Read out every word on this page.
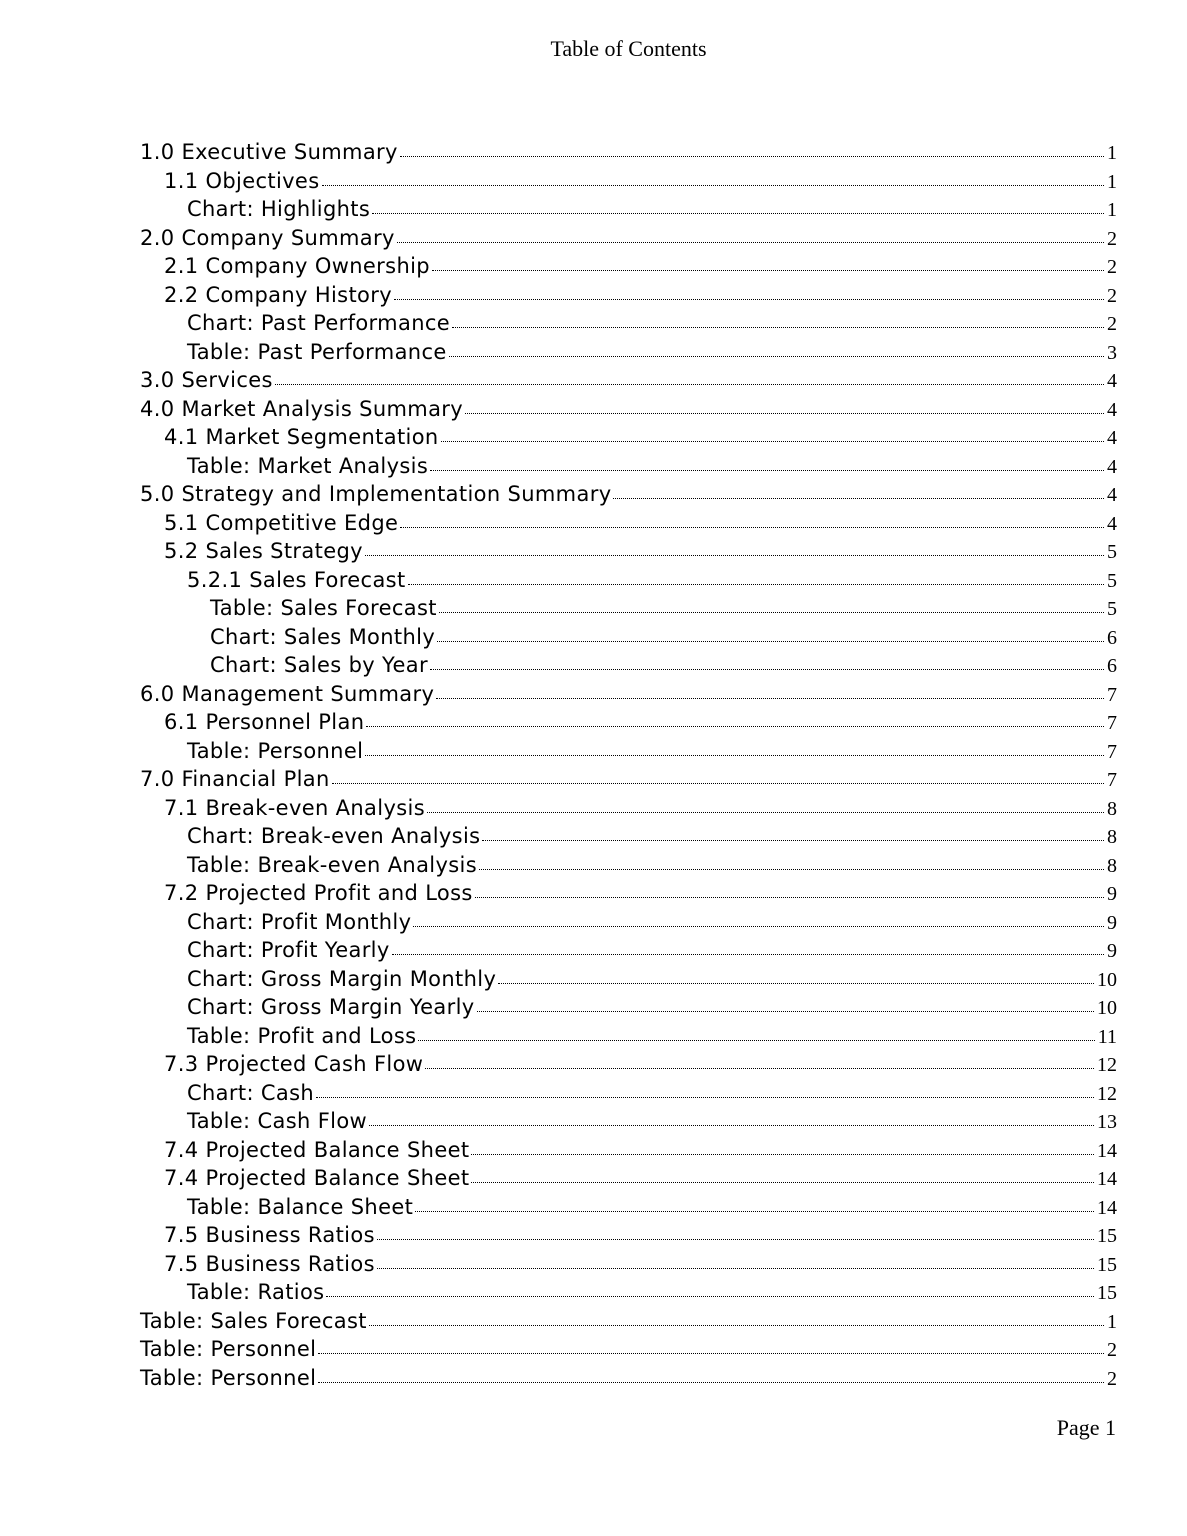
Table of Contents
1.0 Executive Summary	1
1.1 Objectives	1
Chart: Highlights	1
2.0 Company Summary	2
2.1 Company Ownership	2
2.2 Company History	2
Chart: Past Performance	2
Table: Past Performance	3
3.0 Services	4
4.0 Market Analysis Summary	4
4.1 Market Segmentation	4
Table: Market Analysis	4
5.0 Strategy and Implementation Summary	4
5.1 Competitive Edge	4
5.2 Sales Strategy	5
5.2.1 Sales Forecast	5
Table: Sales Forecast	5
Chart: Sales Monthly	6
Chart: Sales by Year	6
6.0 Management Summary	7
6.1 Personnel Plan	7
Table: Personnel	7
7.0 Financial Plan	7
7.1 Break-even Analysis	8
Chart: Break-even Analysis	8
Table: Break-even Analysis	8
7.2 Projected Profit and Loss	9
Chart: Profit Monthly	9
Chart: Profit Yearly	9
Chart: Gross Margin Monthly	10
Chart: Gross Margin Yearly	10
Table: Profit and Loss	11
7.3 Projected Cash Flow	12
Chart: Cash	12
Table: Cash Flow	13
7.4 Projected Balance Sheet	14
7.4 Projected Balance Sheet	14
Table: Balance Sheet	14
7.5 Business Ratios	15
7.5 Business Ratios	15
Table: Ratios	15
Table: Sales Forecast	1
Table: Personnel	2
Table: Personnel	2
Page 1
